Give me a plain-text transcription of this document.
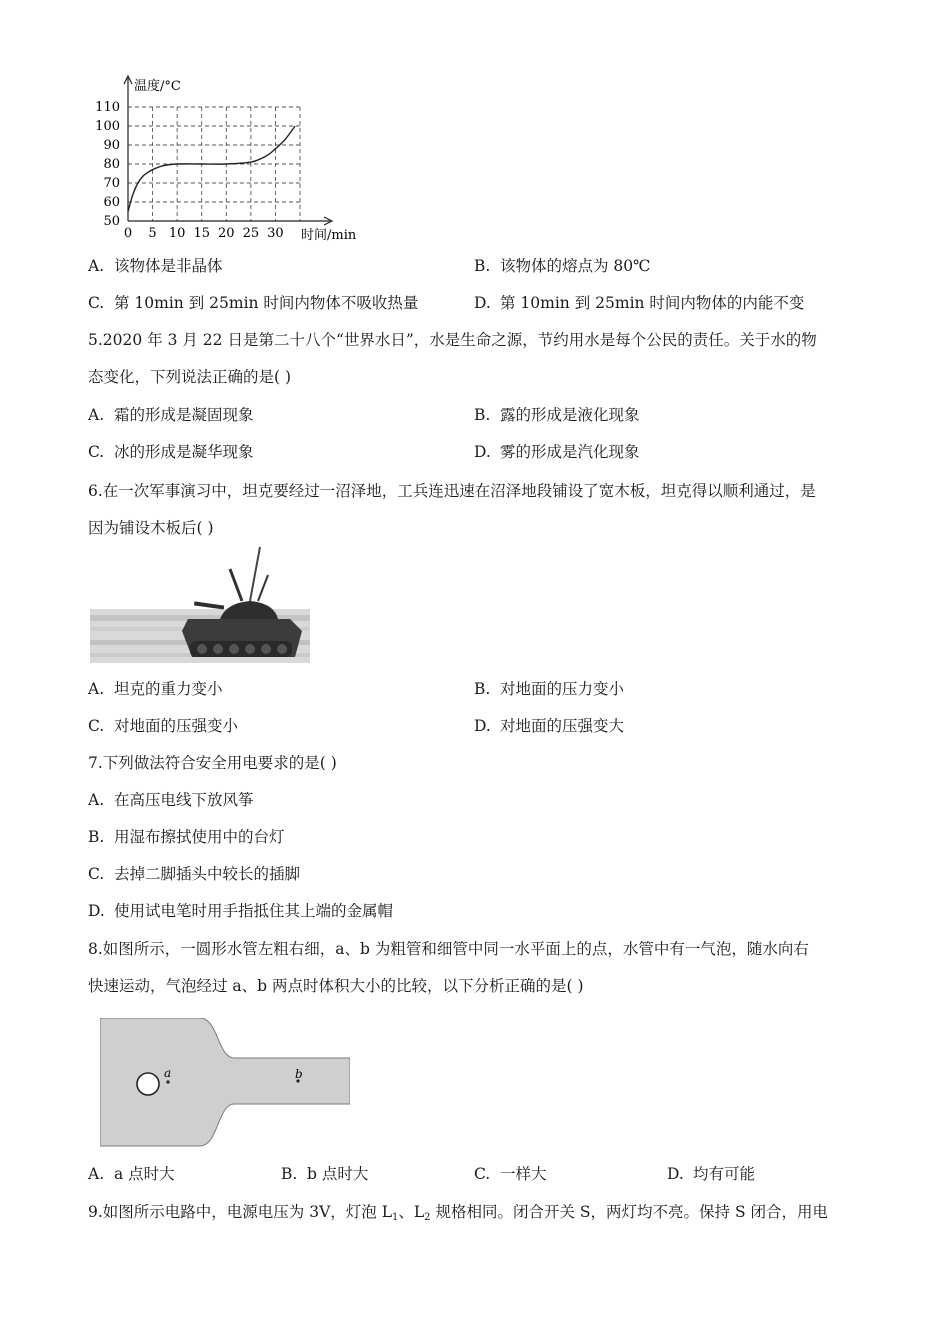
50
60
70
80
90
100
110
0 5 10 15 20 25 30
温度/°C
时间/min
A. 该物体是非晶体	B. 该物体的熔点为 80℃
C. 第 10min 到 25min 时间内物体不吸收热量	D. 第 10min 到 25min 时间内物体的内能不变
5.2020 年 3 月 22 日是第二十八个“世界水日”，水是生命之源，节约用水是每个公民的责任。关于水的物
态变化，下列说法正确的是( )
A. 霜的形成是凝固现象	B. 露的形成是液化现象
C. 冰的形成是凝华现象	D. 雾的形成是汽化现象
6.在一次军事演习中，坦克要经过一沼泽地，工兵连迅速在沼泽地段铺设了宽木板，坦克得以顺利通过，是
因为铺设木板后( )
A. 坦克的重力变小	B. 对地面的压力变小
C. 对地面的压强变小	D. 对地面的压强变大
7.下列做法符合安全用电要求的是( )
A. 在高压电线下放风筝
B. 用湿布擦拭使用中的台灯
C. 去掉二脚插头中较长的插脚
D. 使用试电笔时用手指抵住其上端的金属帽
8.如图所示，一圆形水管左粗右细，a、b 为粗管和细管中同一水平面上的点，水管中有一气泡，随水向右
快速运动，气泡经过 a、b 两点时体积大小的比较，以下分析正确的是( )
a	b
A. a 点时大	B. b 点时大	C. 一样大	D. 均有可能
9.如图所示电路中，电源电压为 3V，灯泡 $L_1$、$L_2$ 规格相同。闭合开关 S，两灯均不亮。保持 S 闭合，用电
